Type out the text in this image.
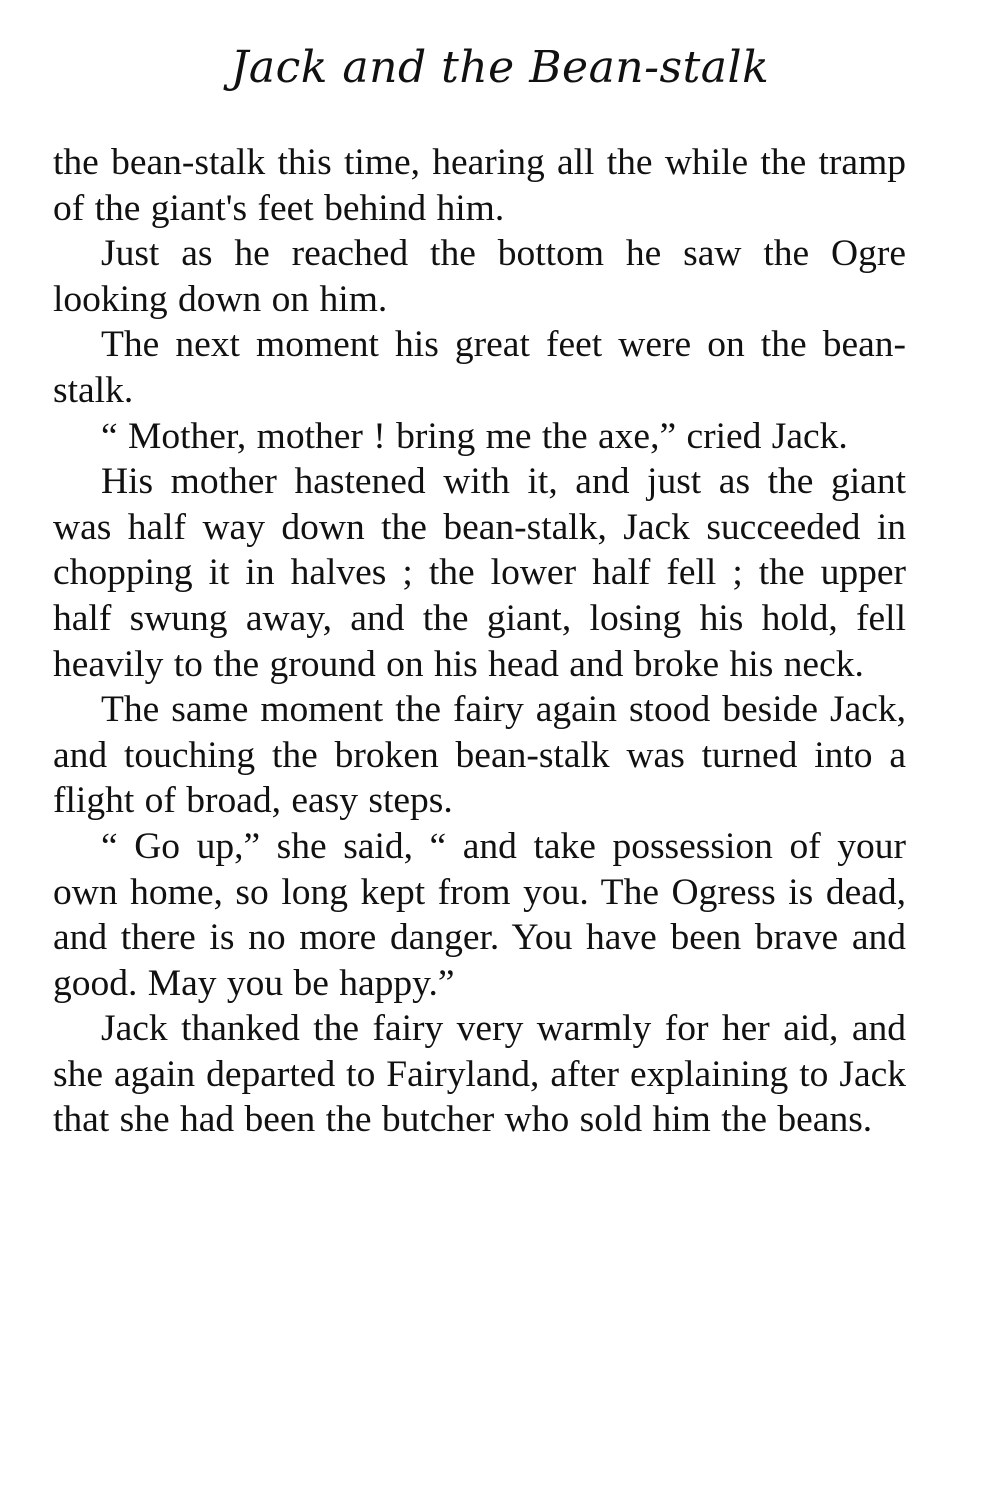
Jack and the Bean-stalk

the bean-stalk this time, hearing all the while the tramp of the giant's feet behind him.

Just as he reached the bottom he saw the Ogre looking down on him.

The next moment his great feet were on the bean-stalk.

“ Mother, mother ! bring me the axe,” cried Jack.

His mother hastened with it, and just as the giant was half way down the bean-stalk, Jack succeeded in chopping it in halves ; the lower half fell ; the upper half swung away, and the giant, losing his hold, fell heavily to the ground on his head and broke his neck.

The same moment the fairy again stood beside Jack, and touching the broken bean-stalk was turned into a flight of broad, easy steps.

“ Go up,” she said, “ and take possession of your own home, so long kept from you. The Ogress is dead, and there is no more danger. You have been brave and good. May you be happy.”

Jack thanked the fairy very warmly for her aid, and she again departed to Fairyland, after explaining to Jack that she had been the butcher who sold him the beans.
